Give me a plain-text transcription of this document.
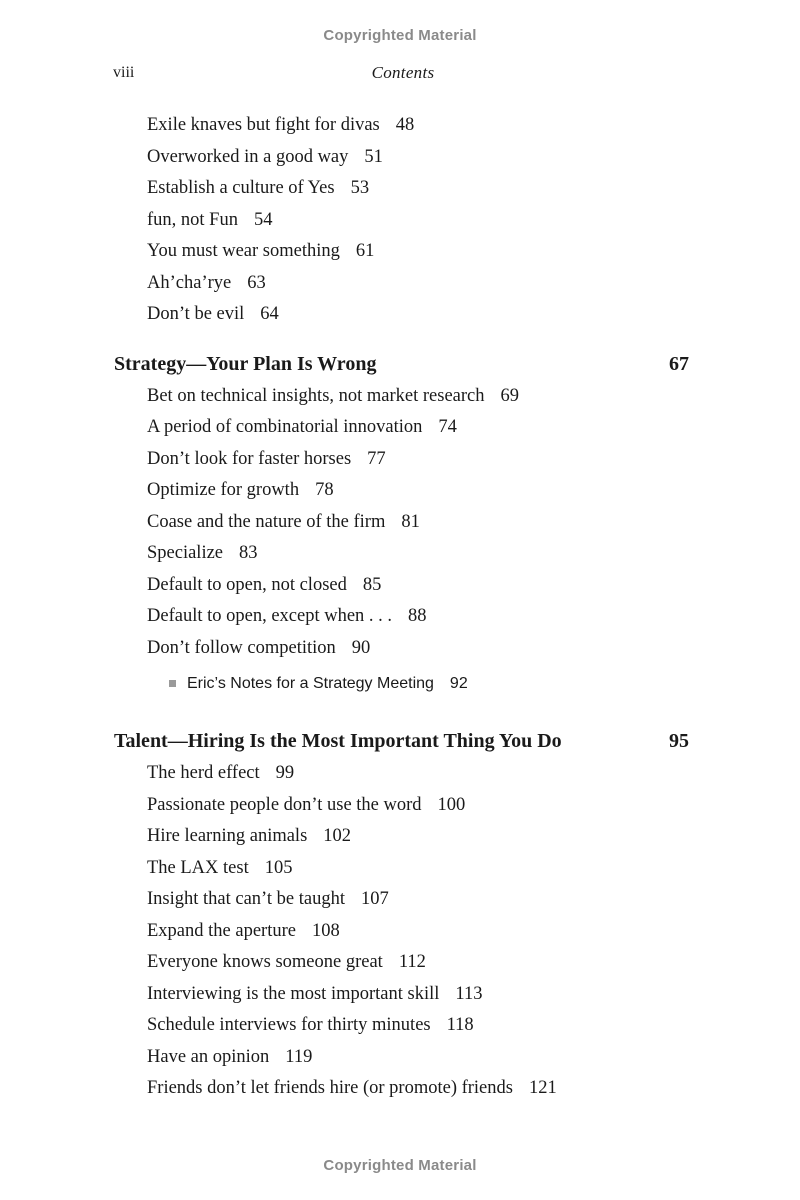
Copyrighted Material
viii	Contents
Exile knaves but fight for divas 48
Overworked in a good way 51
Establish a culture of Yes 53
fun, not Fun 54
You must wear something 61
Ah’cha’rye 63
Don’t be evil 64
Strategy—Your Plan Is Wrong	67
Bet on technical insights, not market research 69
A period of combinatorial innovation 74
Don’t look for faster horses 77
Optimize for growth 78
Coase and the nature of the firm 81
Specialize 83
Default to open, not closed 85
Default to open, except when . . . 88
Don’t follow competition 90
Eric’s Notes for a Strategy Meeting 92
Talent—Hiring Is the Most Important Thing You Do	95
The herd effect 99
Passionate people don’t use the word 100
Hire learning animals 102
The LAX test 105
Insight that can’t be taught 107
Expand the aperture 108
Everyone knows someone great 112
Interviewing is the most important skill 113
Schedule interviews for thirty minutes 118
Have an opinion 119
Friends don’t let friends hire (or promote) friends 121
Copyrighted Material
